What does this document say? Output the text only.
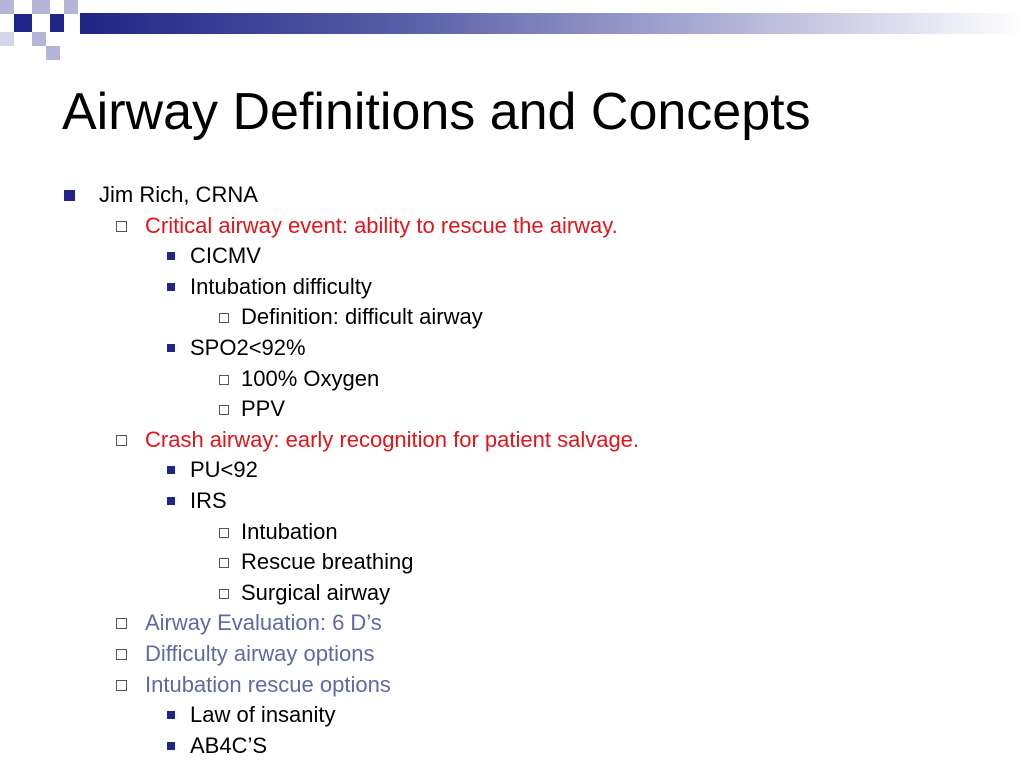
Airway Definitions and Concepts
Jim Rich, CRNA
Critical airway event: ability to rescue the airway.
CICMV
Intubation difficulty
Definition: difficult airway
SPO2<92%
100% Oxygen
PPV
Crash airway: early recognition for patient salvage.
PU<92
IRS
Intubation
Rescue breathing
Surgical airway
Airway Evaluation: 6 D’s
Difficulty airway options
Intubation rescue options
Law of insanity
AB4C’S
